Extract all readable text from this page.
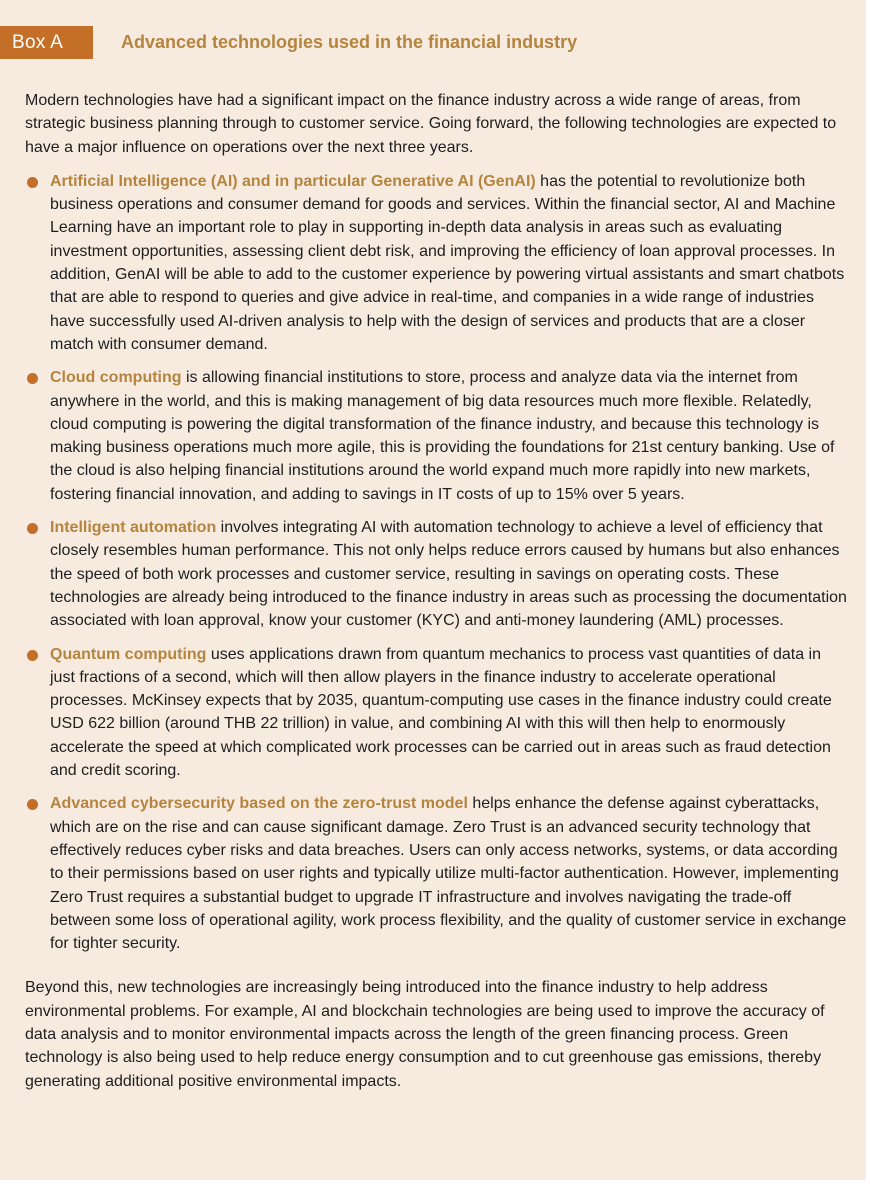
Box A	Advanced technologies used in the financial industry

Modern technologies have had a significant impact on the finance industry across a wide range of areas, from strategic business planning through to customer service. Going forward, the following technologies are expected to have a major influence on operations over the next three years.

Artificial Intelligence (AI) and in particular Generative AI (GenAI) has the potential to revolutionize both business operations and consumer demand for goods and services. Within the financial sector, AI and Machine Learning have an important role to play in supporting in-depth data analysis in areas such as evaluating investment opportunities, assessing client debt risk, and improving the efficiency of loan approval processes. In addition, GenAI will be able to add to the customer experience by powering virtual assistants and smart chatbots that are able to respond to queries and give advice in real-time, and companies in a wide range of industries have successfully used AI-driven analysis to help with the design of services and products that are a closer match with consumer demand.
Cloud computing is allowing financial institutions to store, process and analyze data via the internet from anywhere in the world, and this is making management of big data resources much more flexible. Relatedly, cloud computing is powering the digital transformation of the finance industry, and because this technology is making business operations much more agile, this is providing the foundations for 21st century banking. Use of the cloud is also helping financial institutions around the world expand much more rapidly into new markets, fostering financial innovation, and adding to savings in IT costs of up to 15% over 5 years.
Intelligent automation involves integrating AI with automation technology to achieve a level of efficiency that closely resembles human performance. This not only helps reduce errors caused by humans but also enhances the speed of both work processes and customer service, resulting in savings on operating costs. These technologies are already being introduced to the finance industry in areas such as processing the documentation associated with loan approval, know your customer (KYC) and anti-money laundering (AML) processes.
Quantum computing uses applications drawn from quantum mechanics to process vast quantities of data in just fractions of a second, which will then allow players in the finance industry to accelerate operational processes. McKinsey expects that by 2035, quantum-computing use cases in the finance industry could create USD 622 billion (around THB 22 trillion) in value, and combining AI with this will then help to enormously accelerate the speed at which complicated work processes can be carried out in areas such as fraud detection and credit scoring.
Advanced cybersecurity based on the zero-trust model helps enhance the defense against cyberattacks, which are on the rise and can cause significant damage. Zero Trust is an advanced security technology that effectively reduces cyber risks and data breaches. Users can only access networks, systems, or data according to their permissions based on user rights and typically utilize multi-factor authentication. However, implementing Zero Trust requires a substantial budget to upgrade IT infrastructure and involves navigating the trade-off between some loss of operational agility, work process flexibility, and the quality of customer service in exchange for tighter security.

Beyond this, new technologies are increasingly being introduced into the finance industry to help address environmental problems. For example, AI and blockchain technologies are being used to improve the accuracy of data analysis and to monitor environmental impacts across the length of the green financing process. Green technology is also being used to help reduce energy consumption and to cut greenhouse gas emissions, thereby generating additional positive environmental impacts.
